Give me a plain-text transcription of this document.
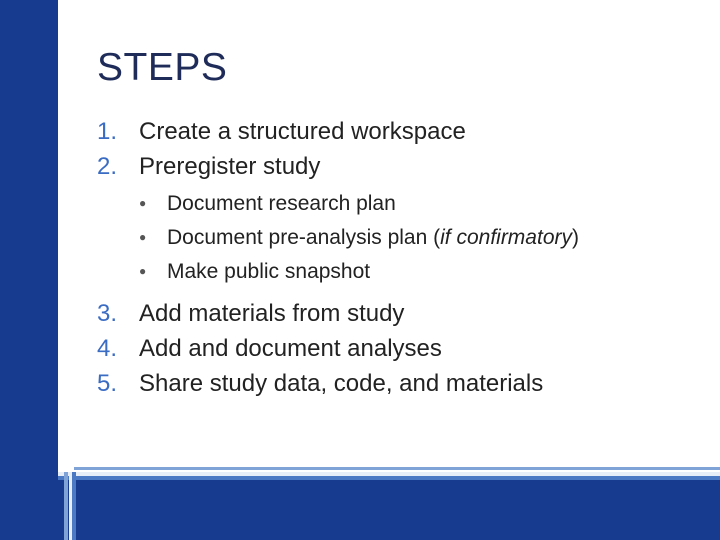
STEPS
1. Create a structured workspace
2. Preregister study
● Document research plan
● Document pre-analysis plan (if confirmatory)
● Make public snapshot
3. Add materials from study
4. Add and document analyses
5. Share study data, code, and materials
